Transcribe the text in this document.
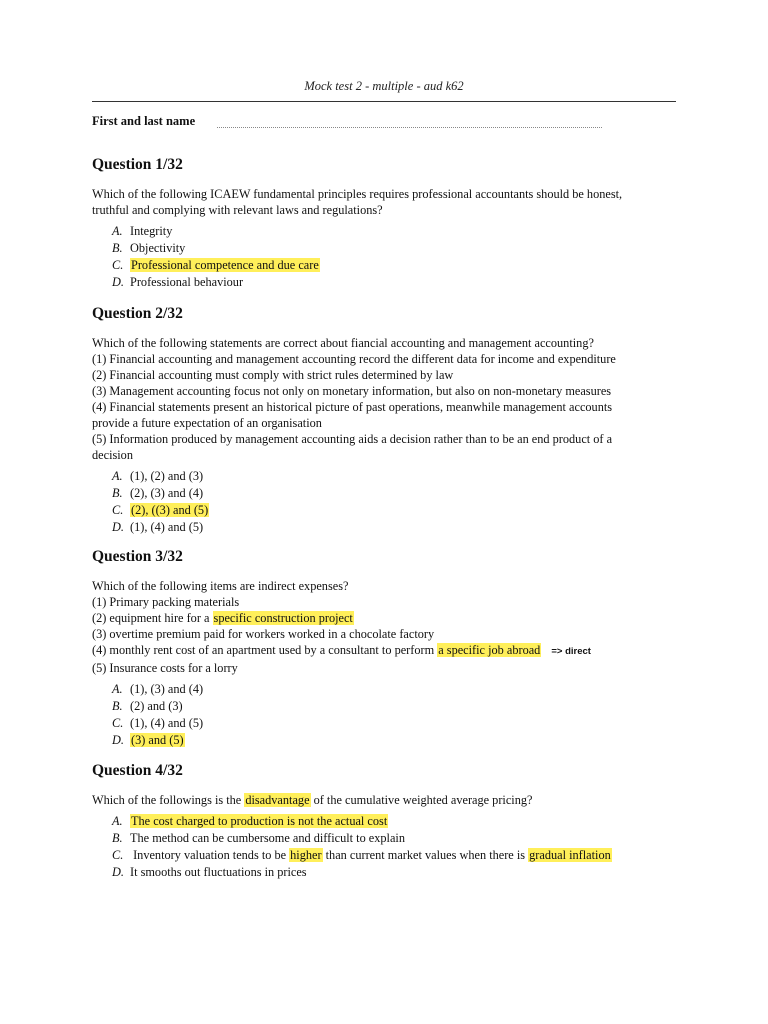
Mock test 2 - multiple - aud k62
First and last name
Question 1/32

Which of the following ICAEW fundamental principles requires professional accountants should be honest,
truthful and complying with relevant laws and regulations?

A. Integrity
B. Objectivity
C. Professional competence and due care
D. Professional behaviour
Question 2/32

Which of the following statements are correct about fiancial accounting and management accounting?
(1) Financial accounting and management accounting record the different data for income and expenditure
(2) Financial accounting must comply with strict rules determined by law
(3) Management accounting focus not only on monetary information, but also on non-monetary measures
(4) Financial statements present an historical picture of past operations, meanwhile management accounts
provide a future expectation of an organisation
(5) Information produced by management accounting aids a decision rather than to be an end product of a
decision

A. (1), (2) and (3)
B. (2), (3) and (4)
C. (2), ((3) and (5)
D. (1), (4) and (5)
Question 3/32

Which of the following items are indirect expenses?
(1) Primary packing materials
(2) equipment hire for a specific construction project
(3) overtime premium paid for workers worked in a chocolate factory
(4) monthly rent cost of an apartment used by a consultant to perform a specific job abroad => direct
(5) Insurance costs for a lorry

A. (1), (3) and (4)
B. (2) and (3)
C. (1), (4) and (5)
D. (3) and (5)
Question 4/32

Which of the followings is the disadvantage of the cumulative weighted average pricing?

A. The cost charged to production is not the actual cost
B. The method can be cumbersome and difficult to explain
C. Inventory valuation tends to be higher than current market values when there is gradual inflation
D. It smooths out fluctuations in prices
